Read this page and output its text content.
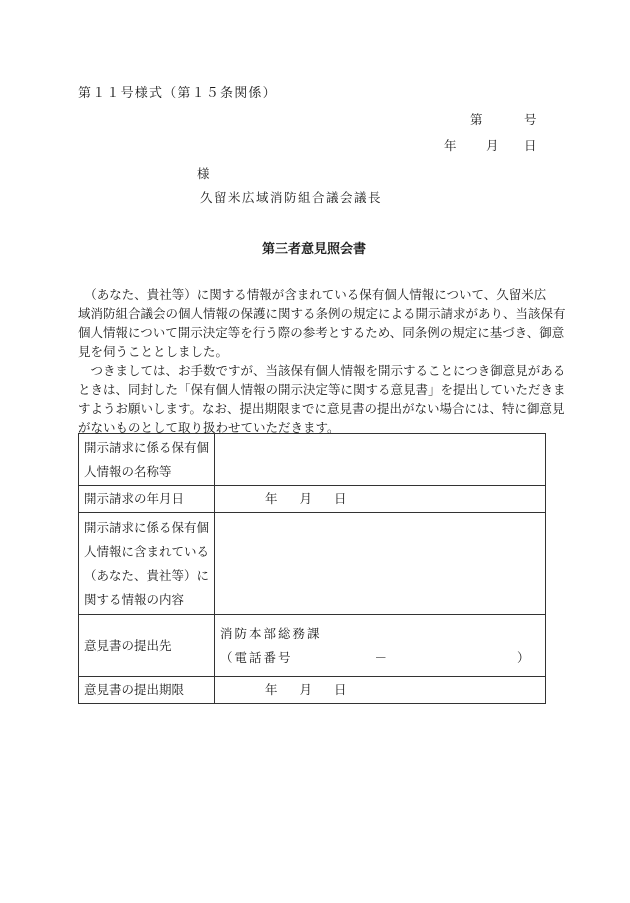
第１１号様式（第１５条関係）
第	号
年 月 日
様
久留米広域消防組合議会議長
第三者意見照会書

　（あなた、貴社等）に関する情報が含まれている保有個人情報について、久留米広
域消防組合議会の個人情報の保護に関する条例の規定による開示請求があり、当該保有
個人情報について開示決定等を行う際の参考とするため、同条例の規定に基づき、御意
見を伺うこととしました。

　つきましては、お手数ですが、当該保有個人情報を開示することにつき御意見がある
ときは、同封した「保有個人情報の開示決定等に関する意見書」を提出していただきま
すようお願いします。なお、提出期限までに意見書の提出がない場合には、特に御意見
がないものとして取り扱わせていただきます。

開示請求に係る保有個
人情報の名称等	

開示請求の年月日	年 月 日

開示請求に係る保有個
人情報に含まれている
（あなた、貴社等）に
関する情報の内容	

意見書の提出先	消防本部総務課
（電話番号 － ）

意見書の提出期限	年 月 日
